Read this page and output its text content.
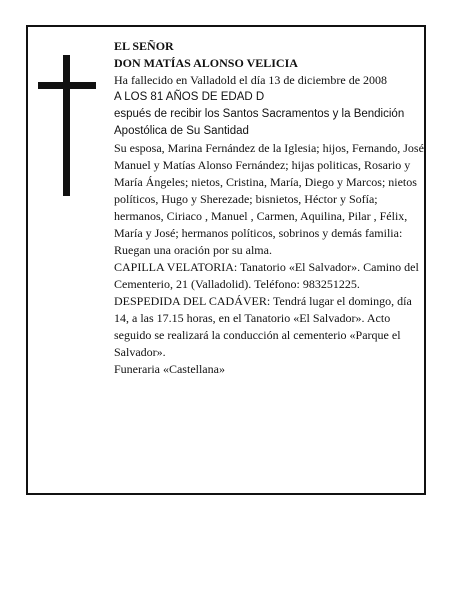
EL SEÑOR

DON MATÍAS ALONSO VELICIA

Ha fallecido en Valladold el día 13 de diciembre de 2008

A LOS 81 AÑOS DE EDAD D

espués de recibir los Santos Sacramentos y la Bendición Apostólica de Su Santidad

Su esposa, Marina Fernández de la Iglesia; hijos, Fernando, José Manuel y Matías Alonso Fernández; hijas politicas, Rosario y María Ángeles; nietos, Cristina, María, Diego y Marcos; nietos políticos, Hugo y Sherezade; bisnietos, Héctor y Sofía; hermanos, Ciriaco , Manuel , Carmen, Aquilina, Pilar , Félix, María y José; hermanos políticos, sobrinos y demás familia:

Ruegan una oración por su alma.

CAPILLA VELATORIA: Tanatorio «El Salvador». Camino del Cementerio, 21 (Valladolid). Teléfono: 983251225.

DESPEDIDA DEL CADÁVER: Tendrá lugar el domingo, día 14, a las 17.15 horas, en el Tanatorio «El Salvador». Acto seguido se realizará la conducción al cementerio «Parque el Salvador».

Funeraria «Castellana»
